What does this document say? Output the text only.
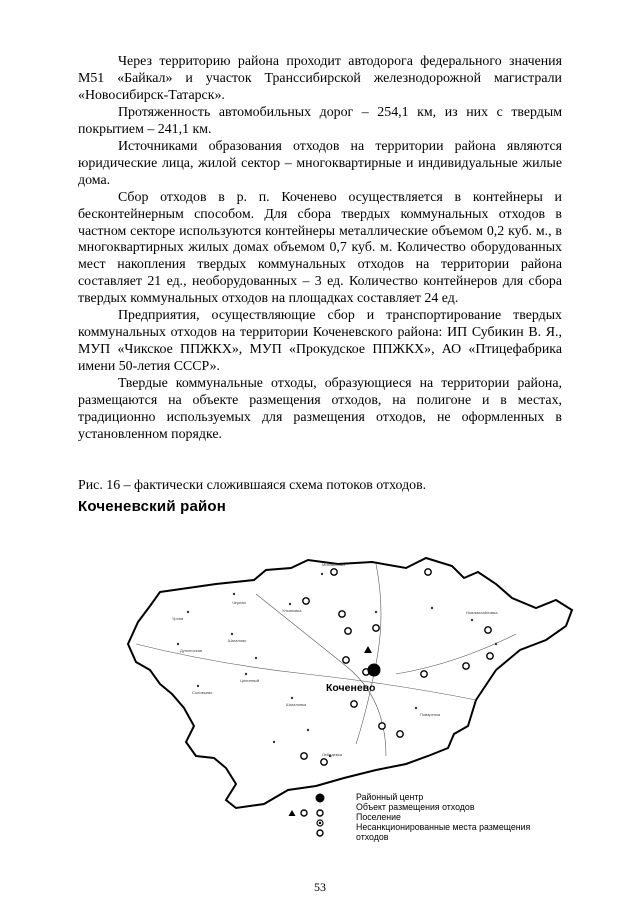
Через территорию района проходит автодорога федерального значения М51 «Байкал» и участок Транссибирской железнодорожной магистрали «Новосибирск-Татарск».

Протяженность автомобильных дорог – 254,1 км, из них с твердым покрытием – 241,1 км.

Источниками образования отходов на территории района являются юридические лица, жилой сектор – многоквартирные и индивидуальные жилые дома.

Сбор отходов в р. п. Коченево осуществляется в контейнеры и бесконтейнерным способом. Для сбора твердых коммунальных отходов в частном секторе используются контейнеры металлические объемом 0,2 куб. м., в многоквартирных жилых домах объемом 0,7 куб. м. Количество оборудованных мест накопления твердых коммунальных отходов на территории района составляет 21 ед., необорудованных – 3 ед. Количество контейнеров для сбора твердых коммунальных отходов на площадках составляет 24 ед.

Предприятия, осуществляющие сбор и транспортирование твердых коммунальных отходов на территории Коченевского района: ИП Субикин В. Я., МУП «Чикское ППЖКХ», МУП «Прокудское ППЖКХ», АО «Птицефабрика имени 50-летия СССР».

Твердые коммунальные отходы, образующиеся на территории района, размещаются на объекте размещения отходов, на полигоне и в местах, традиционно используемых для размещения отходов, не оформленных в установленном порядке.

Рис. 16 – фактически сложившаяся схема потоков отходов.
Уртам
Черная
Михайловка
Ульяновка
Дупленская
Шагалово
Целинный
Соловьево
Шагаловка
Лебедевка
Поваренка
Новомихайловка
Коченевский район
Коченево
Районный центр
Объект размещения отходов
Поселение
Несанкционированные места размещения
отходов
53
